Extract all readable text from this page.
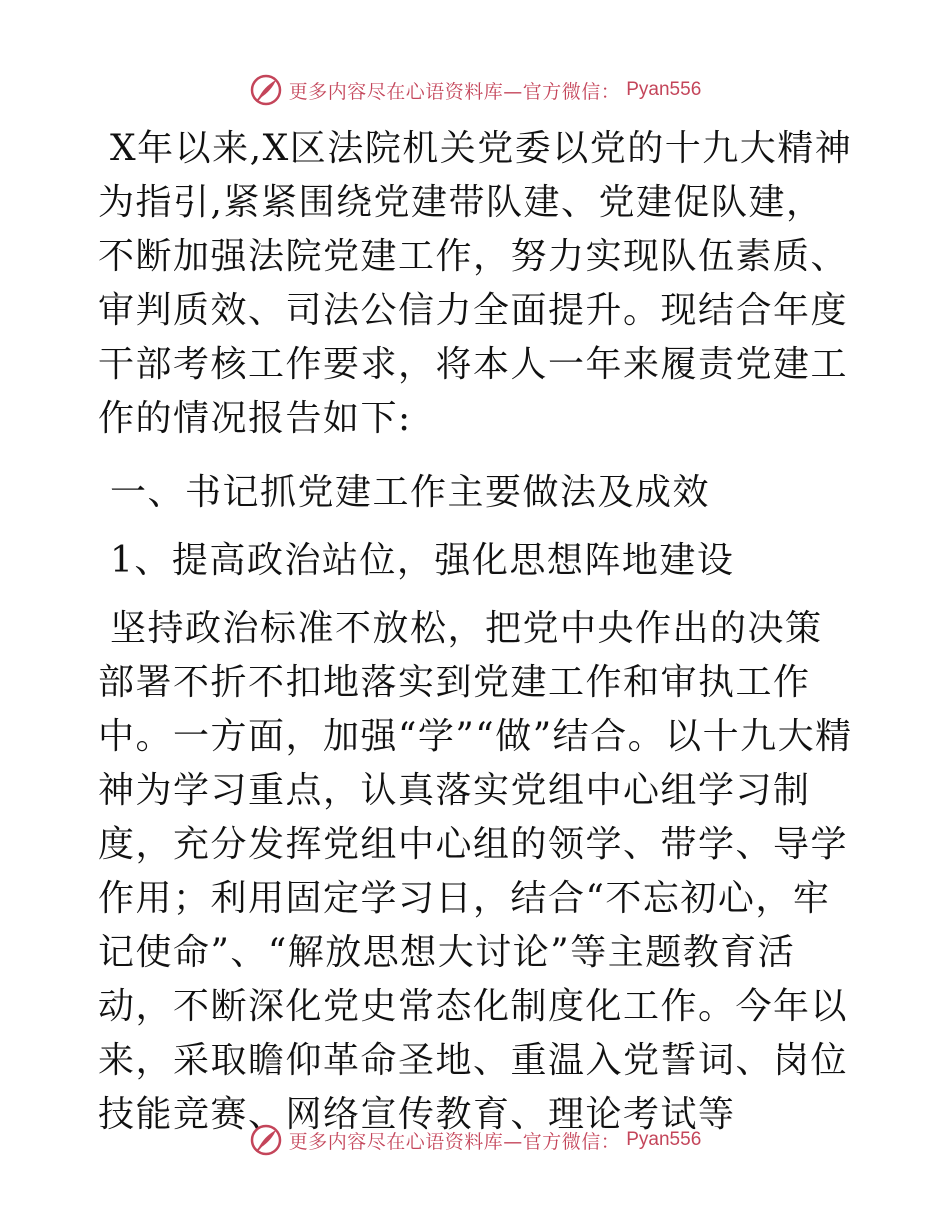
更多内容尽在心语资料库—官方微信： Pyan556

X年以来,X区法院机关党委以党的十九大精神为指引,紧紧围绕党建带队建、党建促队建，不断加强法院党建工作，努力实现队伍素质、审判质效、司法公信力全面提升。现结合年度干部考核工作要求，将本人一年来履责党建工作的情况报告如下:

一、书记抓党建工作主要做法及成效

1、提高政治站位，强化思想阵地建设

坚持政治标准不放松，把党中央作出的决策部署不折不扣地落实到党建工作和审执工作中。一方面，加强“学”“做”结合。以十九大精神为学习重点，认真落实党组中心组学习制度，充分发挥党组中心组的领学、带学、导学作用；利用固定学习日，结合“不忘初心，牢记使命”、“解放思想大讨论”等主题教育活动，不断深化党史常态化制度化工作。今年以来，采取瞻仰革命圣地、重温入党誓词、岗位技能竞赛、网络宣传教育、理论考试等

更多内容尽在心语资料库—官方微信： Pyan556
